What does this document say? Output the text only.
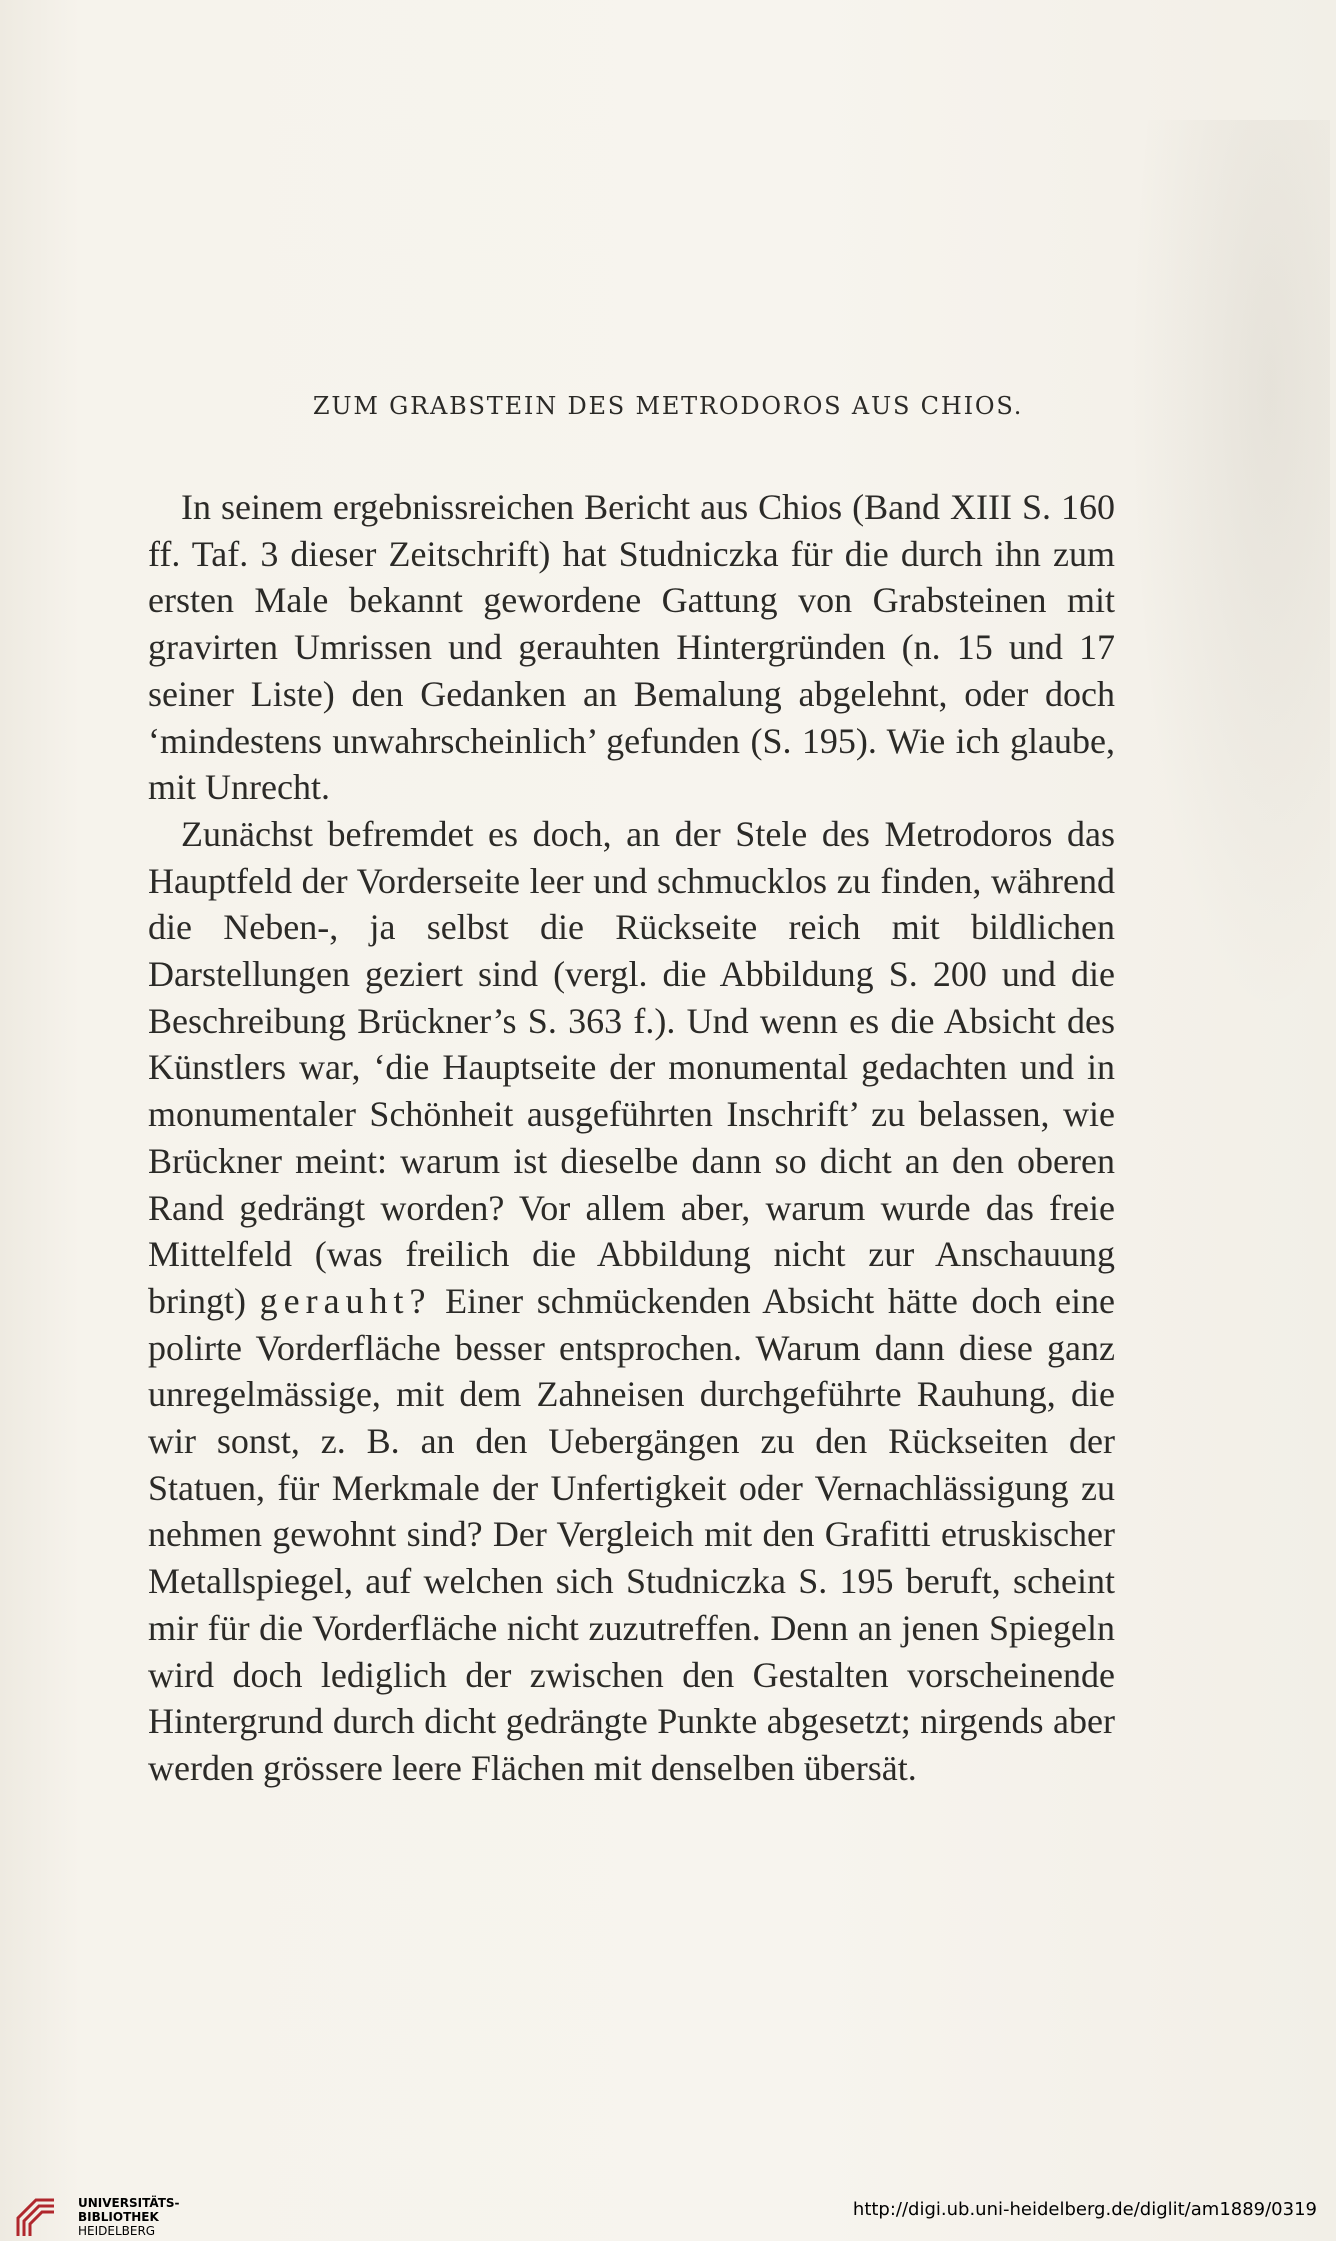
ZUM GRABSTEIN DES METRODOROS AUS CHIOS.

In seinem ergebnissreichen Bericht aus Chios (Band XIII S. 160 ff. Taf. 3 dieser Zeitschrift) hat Studniczka für die durch ihn zum ersten Male bekannt gewordene Gattung von Grabsteinen mit gravirten Umrissen und gerauhten Hintergründen (n. 15 und 17 seiner Liste) den Gedanken an Bemalung abgelehnt, oder doch ‘mindestens unwahrscheinlich’ gefunden (S. 195). Wie ich glaube, mit Unrecht.

Zunächst befremdet es doch, an der Stele des Metrodoros das Hauptfeld der Vorderseite leer und schmucklos zu finden, während die Neben-, ja selbst die Rückseite reich mit bildlichen Darstellungen geziert sind (vergl. die Abbildung S. 200 und die Beschreibung Brückner’s S. 363 f.). Und wenn es die Absicht des Künstlers war, ‘die Hauptseite der monumental gedachten und in monumentaler Schönheit ausgeführten Inschrift’ zu belassen, wie Brückner meint: warum ist dieselbe dann so dicht an den oberen Rand gedrängt worden? Vor allem aber, warum wurde das freie Mittelfeld (was freilich die Abbildung nicht zur Anschauung bringt) gerauht? Einer schmückenden Absicht hätte doch eine polirte Vorderfläche besser entsprochen. Warum dann diese ganz unregelmässige, mit dem Zahneisen durchgeführte Rauhung, die wir sonst, z. B. an den Uebergängen zu den Rückseiten der Statuen, für Merkmale der Unfertigkeit oder Vernachlässigung zu nehmen gewohnt sind? Der Vergleich mit den Grafitti etruskischer Metallspiegel, auf welchen sich Studniczka S. 195 beruft, scheint mir für die Vorderfläche nicht zuzutreffen. Denn an jenen Spiegeln wird doch lediglich der zwischen den Gestalten vorscheinende Hintergrund durch dicht gedrängte Punkte abgesetzt; nirgends aber werden grössere leere Flächen mit denselben übersät.

UNIVERSITÄTS-
BIBLIOTHEK
HEIDELBERG
http://digi.ub.uni-heidelberg.de/diglit/am1889/0319
